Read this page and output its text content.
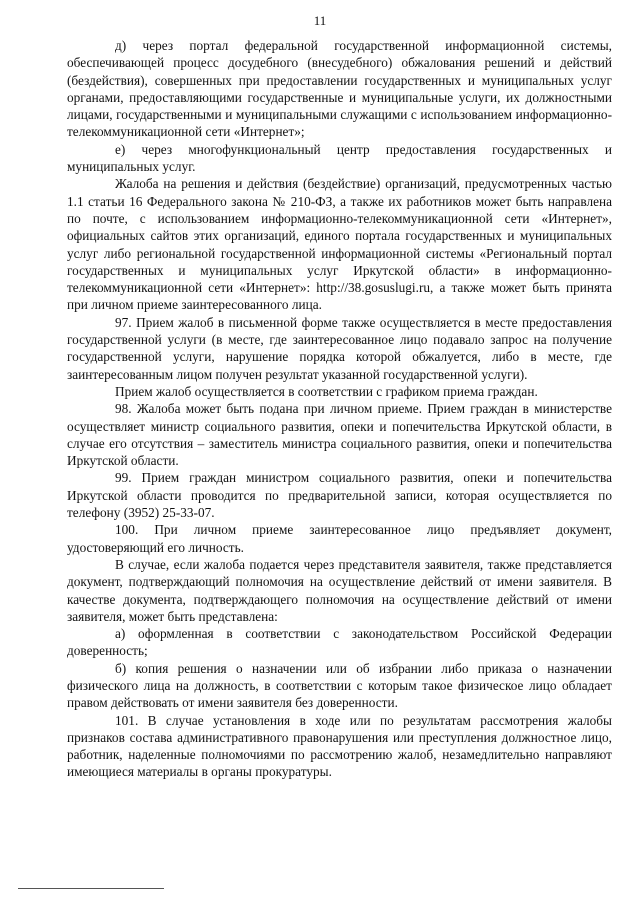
11

д) через портал федеральной государственной информационной системы, обеспечивающей процесс досудебного (внесудебного) обжалования решений и действий (бездействия), совершенных при предоставлении государственных и муниципальных услуг органами, предоставляющими государственные и муниципальные услуги, их должностными лицами, государственными и муниципальными служащими с использованием информационно-телекоммуникационной сети «Интернет»;

е) через многофункциональный центр предоставления государственных и муниципальных услуг.

Жалоба на решения и действия (бездействие) организаций, предусмотренных частью 1.1 статьи 16 Федерального закона № 210-ФЗ, а также их работников может быть направлена по почте, с использованием информационно-телекоммуникационной сети «Интернет», официальных сайтов этих организаций, единого портала государственных и муниципальных услуг либо региональной государственной информационной системы «Региональный портал государственных и муниципальных услуг Иркутской области» в информационно-телекоммуникационной сети «Интернет»: http://38.gosuslugi.ru, а также может быть принята при личном приеме заинтересованного лица.

97. Прием жалоб в письменной форме также осуществляется в месте предоставления государственной услуги (в месте, где заинтересованное лицо подавало запрос на получение государственной услуги, нарушение порядка которой обжалуется, либо в месте, где заинтересованным лицом получен результат указанной государственной услуги).

Прием жалоб осуществляется в соответствии с графиком приема граждан.

98. Жалоба может быть подана при личном приеме. Прием граждан в министерстве осуществляет министр социального развития, опеки и попечительства Иркутской области, в случае его отсутствия – заместитель министра социального развития, опеки и попечительства Иркутской области.

99. Прием граждан министром социального развития, опеки и попечительства Иркутской области проводится по предварительной записи, которая осуществляется по телефону (3952) 25-33-07.

100. При личном приеме заинтересованное лицо предъявляет документ, удостоверяющий его личность.

В случае, если жалоба подается через представителя заявителя, также представляется документ, подтверждающий полномочия на осуществление действий от имени заявителя. В качестве документа, подтверждающего полномочия на осуществление действий от имени заявителя, может быть представлена:

а) оформленная в соответствии с законодательством Российской Федерации доверенность;

б) копия решения о назначении или об избрании либо приказа о назначении физического лица на должность, в соответствии с которым такое физическое лицо обладает правом действовать от имени заявителя без доверенности.

101. В случае установления в ходе или по результатам рассмотрения жалобы признаков состава административного правонарушения или преступления должностное лицо, работник, наделенные полномочиями по рассмотрению жалоб, незамедлительно направляют имеющиеся материалы в органы прокуратуры.
